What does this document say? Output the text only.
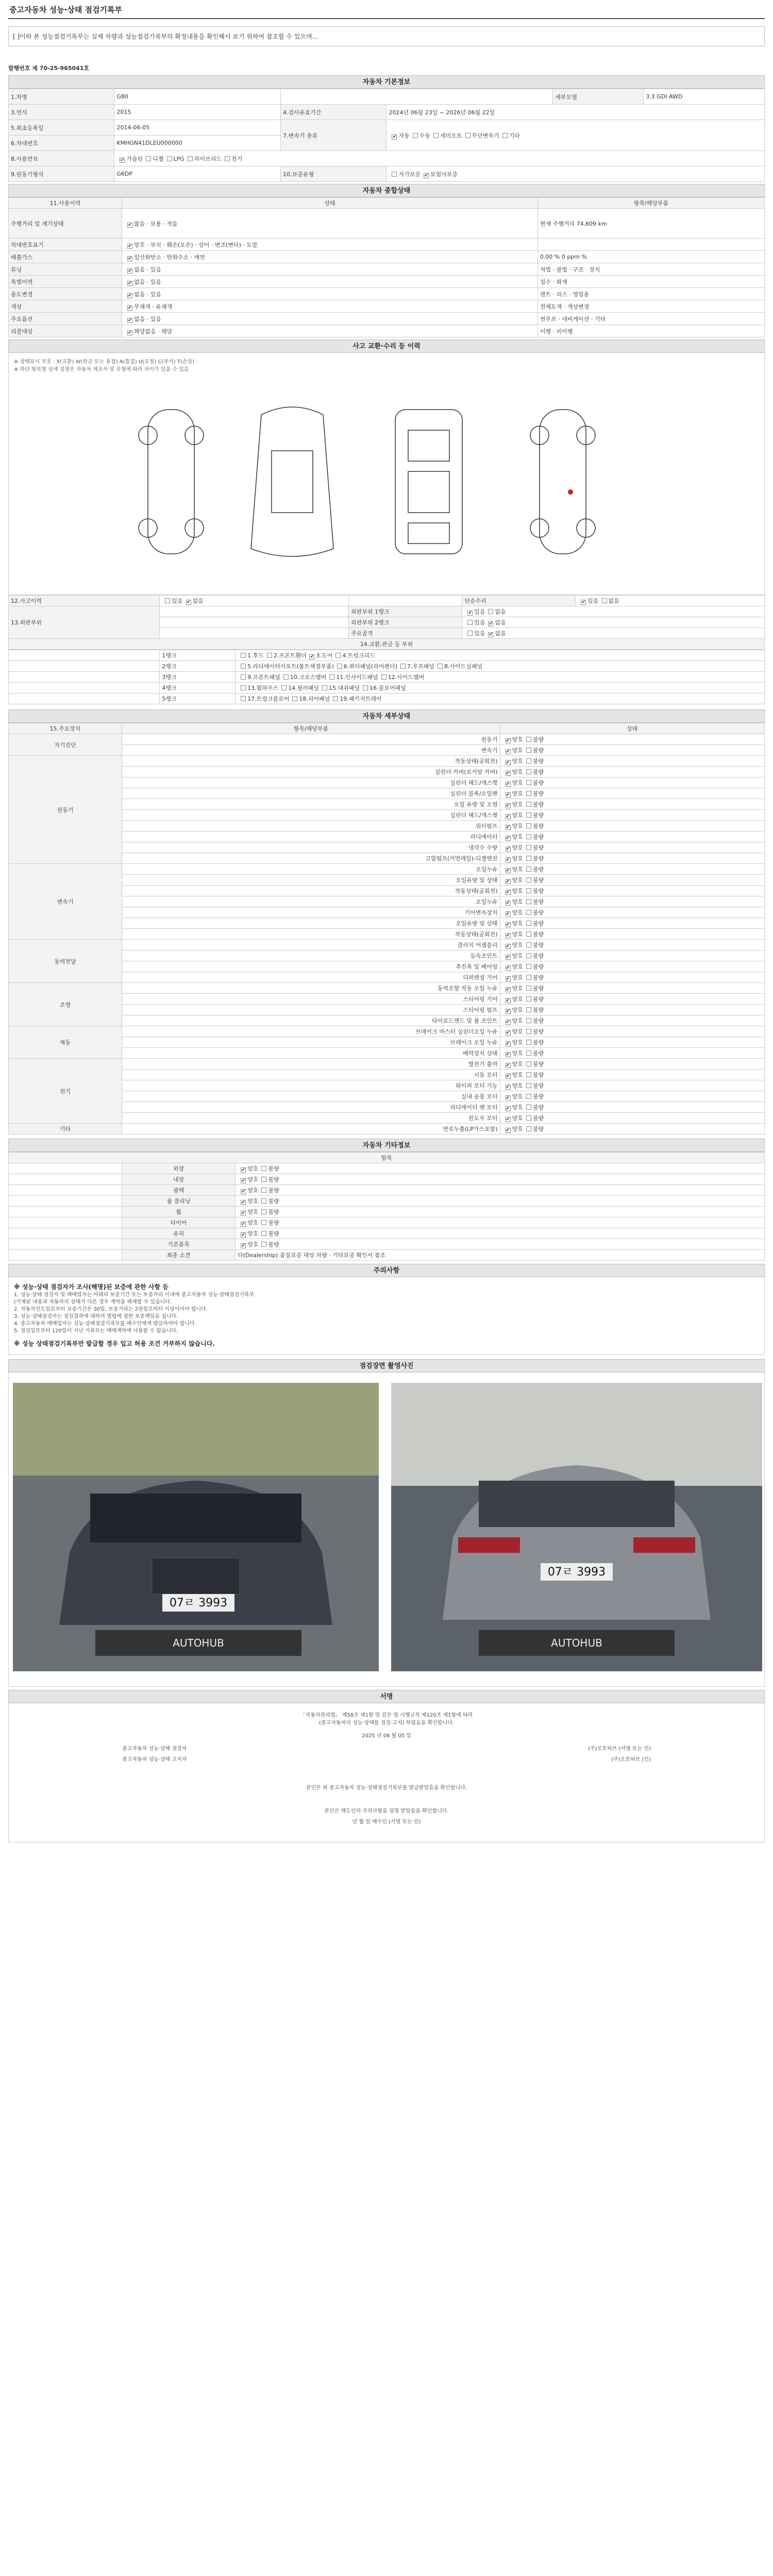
중고자동차 성능·상태 점검기록부
[ ]이하 본 성능점검기록부는 실제 차량과 성능점검기록부의 확정내용을 확인해서 보기 위하여 참조할 수 있으며...
발행번호 제 70-25-965041호
자동차 기본정보
1.차명	G80			세부모델	3.3 GDI AWD
3.연식	2015	4.검사유효기간	2024년 06월 23일 ~ 2026년 06월 22일		
5.최초등록일	2014-06-05	7.변속기 종류	✔자동 수동 세미오토 무단변속기 기타
6.차대번호	KMHGN41DLEU000000				
8.사용연료	✔가솔린 디젤 LPG 하이브리드 전기
9.원동기형식	G6DP	10.보증유형	자가보증 ✔ 보험사보증
자동차 종합상태
11.사용이력	상태	항목/해당부품
주행거리 및 계기상태	✔많음 · 보통 · 적음	현재 주행거리 74,609 km
차대번호표기	✔양호 · 부식 · 훼손(오손) · 상이 · 변조(변타) · 도말	
배출가스	✔일산화탄소 · 탄화수소 · 매연	0.00 % 0 ppm %
튜닝	✔없음 · 있음	적법 · 불법 · 구조 · 장치
특별이력	✔없음 · 있음	침수 · 화재
용도변경	✔없음 · 있음	렌트 · 리스 · 영업용
색상	✔무채색 · 유채색	전체도색 · 색상변경
주요옵션	✔없음 · 있음	썬루프 · 네비게이션 · 기타
리콜대상	✔해당없음 · 해당	이행 · 미이행
사고 교환·수리 등 이력
※ 상태표시 부호 : X(교환) W(판금 또는 용접) A(흠집) U(요철) C(부식) T(손상)
※ 하단 항목별 상세 설명은 자동차 제조사 및 유형에 따라 차이가 있을 수 있음
12.사고이력	있음 ✔ 없음		단순수리	✔있음 없음
13.외판부위		외판부위 1랭크	✔있음 없음
		외판부위 2랭크	있음 ✔ 없음
		주요골격	있음 ✔ 없음
14.교환,판금 등 부위				
	1랭크	1.후드 2.프론트휀더 ✔ 3.도어 4.트렁크리드
	2랭크	5.라디에이터서포트(볼트체결부품) 6.쿼터패널(리어펜더) 7.루프패널 8.사이드실패널
	3랭크	9.프론트패널 10.크로스멤버 11.인사이드패널 12.사이드멤버
	4랭크	13.휠하우스 14.필러패널 15.대쉬패널 16.플로어패널
	5랭크	17.트렁크플로어 18.리어패널 19.패키지트레이
자동차 세부상태
15.주요장치	항목/해당부품	상태
자기진단	원동기	✔양호 불량
	변속기	✔양호 불량
원동기	작동상태(공회전)	✔양호 불량
	실린더 커버(로커암 커버)	✔양호 불량
	실린더 헤드/개스켓	✔양호 불량
	실린더 블록/오일팬	✔양호 불량
	오일 유량 및 오염	✔양호 불량
	실린더 헤드/개스켓	✔양호 불량
	워터펌프	✔양호 불량
	라디에이터	✔양호 불량
	냉각수 수량	✔양호 불량
	고압펌프(커먼레일)-디젤엔진	✔양호 불량
변속기	오일누유	✔양호 불량
	오일유량 및 상태	✔양호 불량
	작동상태(공회전)	✔양호 불량
	오일누유	✔양호 불량
	기어변속장치	✔양호 불량
	오일유량 및 상태	✔양호 불량
	작동상태(공회전)	✔양호 불량
동력전달	클러치 어셈블리	✔양호 불량
	등속조인트	✔양호 불량
	추진축 및 베어링	✔양호 불량
	디퍼렌셜 기어	✔양호 불량
조향	동력조향 작동 오일 누유	✔양호 불량
	스티어링 기어	✔양호 불량
	스티어링 펌프	✔양호 불량
	타이로드엔드 및 볼 조인트	✔양호 불량
제동	브레이크 마스터 실린더오일 누유	✔양호 불량
	브레이크 오일 누유	✔양호 불량
	배력장치 상태	✔양호 불량
전기	발전기 출력	✔양호 불량
	시동 모터	✔양호 불량
	와이퍼 모터 기능	✔양호 불량
	실내 송풍 모터	✔양호 불량
	라디에이터 팬 모터	✔양호 불량
	윈도우 모터	✔양호 불량
기타	연료누출(LP가스포함)	✔양호 불량
자동차 기타정보
항목		
	외장	✔양호 불량
	내장	✔양호 불량
	광택	✔양호 불량
	룸 클리닝	✔양호 불량
	휠	✔양호 불량
	타이어	✔양호 불량
	유리	✔양호 불량
	기본품목	✔양호 불량
	최종 소견	타(Dealership) 품질보증 대상 차량 · 기타보증 확인서 참조
주의사항
※ 성능·상태 점검자가 조사(해명)된 보증에 관한 사항 등
1. 성능·상태 점검자 및 매매업자는 아래의 보증기간 또는 보증거리 이내에 중고자동차 성능·상태점검기록부
(기재된 내용과 자동차의 상태가 다른 경우 계약을 해제할 수 있습니다.
2. 자동차인도일로부터 보증기간은 30일, 보증거리는 2천킬로미터 이상이어야 합니다.
3. 성능·상태점검자는 점검결과에 대하여 법령에 정한 보증책임을 집니다.
4. 중고자동차 매매업자는 성능·상태점검기록부를 매수인에게 발급하여야 합니다.
5. 점검일로부터 120일이 지난 기록부는 매매계약에 사용할 수 없습니다.
※ 성능 상태점검기록부만 발급할 경우 입고 허용 조건 거부하지 않습니다.
점검장면 촬영사진
07ㄹ 3993
AUTOHUB
07ㄹ 3993
AUTOHUB
서명
「자동차관리법」 제58조 제1항 및 같은 법 시행규칙 제120조 제1항에 따라
(중고자동차의 성능·상태를 점검·고지) 하였음을 확인합니다.
2025 년 08 월 05 일
중고자동차 성능·상태 점검자	(주)오토허브 (서명 또는 인)
중고자동차 성능·상태 고지자	(주)오토허브 (인)
본인은 위 중고자동차 성능·상태점검기록부를 발급받았음을 확인합니다.
본인은 매도인의 주의사항을 설명 받았음을 확인합니다.
년 월 일 매수인 (서명 또는 인)
